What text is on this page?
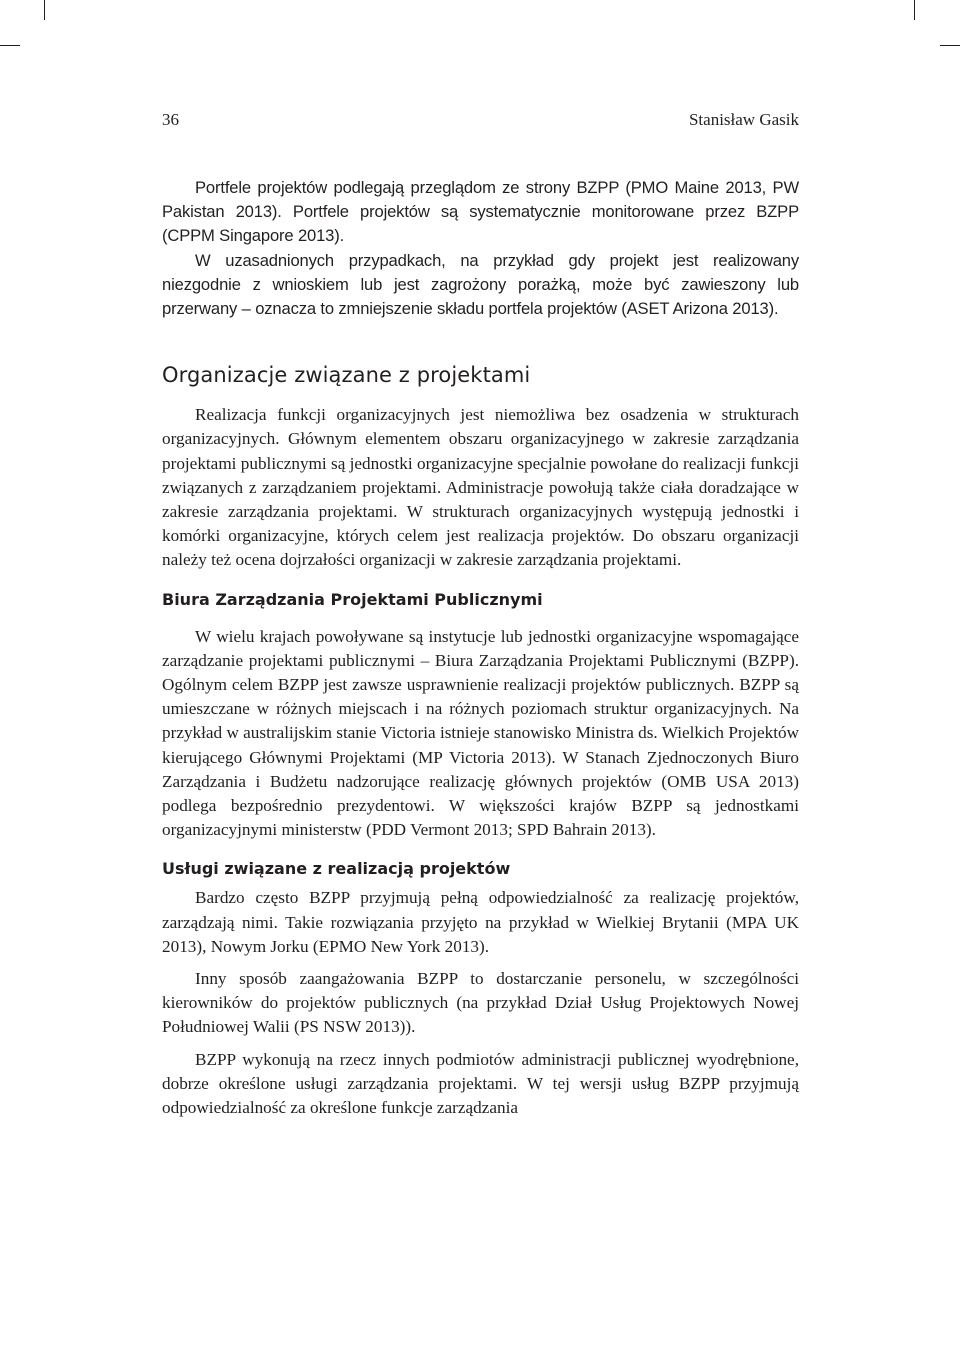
36	Stanisław Gasik

Portfele projektów podlegają przeglądom ze strony BZPP (PMO Maine 2013, PW Pakistan 2013). Portfele projektów są systematycznie monitorowane przez BZPP (CPPM Singapore 2013).

W uzasadnionych przypadkach, na przykład gdy projekt jest realizowany niezgodnie z wnioskiem lub jest zagrożony porażką, może być zawieszony lub przerwany – oznacza to zmniejszenie składu portfela projektów (ASET Arizona 2013).

Organizacje związane z projektami

Realizacja funkcji organizacyjnych jest niemożliwa bez osadzenia w strukturach organizacyjnych. Głównym elementem obszaru organizacyjnego w zakresie zarządzania projektami publicznymi są jednostki organizacyjne specjalnie powołane do realizacji funkcji związanych z zarządzaniem projektami. Administracje powołują także ciała doradzające w zakresie zarządzania projektami. W strukturach organizacyjnych występują jednostki i komórki organizacyjne, których celem jest realizacja projektów. Do obszaru organizacji należy też ocena dojrzałości organizacji w zakresie zarządzania projektami.

Biura Zarządzania Projektami Publicznymi

W wielu krajach powoływane są instytucje lub jednostki organizacyjne wspomagające zarządzanie projektami publicznymi – Biura Zarządzania Projektami Publicznymi (BZPP). Ogólnym celem BZPP jest zawsze usprawnienie realizacji projektów publicznych. BZPP są umieszczane w różnych miejscach i na różnych poziomach struktur organizacyjnych. Na przykład w australijskim stanie Victoria istnieje stanowisko Ministra ds. Wielkich Projektów kierującego Głównymi Projektami (MP Victoria 2013). W Stanach Zjednoczonych Biuro Zarządzania i Budżetu nadzorujące realizację głównych projektów (OMB USA 2013) podlega bezpośrednio prezydentowi. W większości krajów BZPP są jednostkami organizacyjnymi ministerstw (PDD Vermont 2013; SPD Bahrain 2013).

Usługi związane z realizacją projektów

Bardzo często BZPP przyjmują pełną odpowiedzialność za realizację projektów, zarządzają nimi. Takie rozwiązania przyjęto na przykład w Wielkiej Brytanii (MPA UK 2013), Nowym Jorku (EPMO New York 2013).

Inny sposób zaangażowania BZPP to dostarczanie personelu, w szczególności kierowników do projektów publicznych (na przykład Dział Usług Projektowych Nowej Południowej Walii (PS NSW 2013)).

BZPP wykonują na rzecz innych podmiotów administracji publicznej wyodrębnione, dobrze określone usługi zarządzania projektami. W tej wersji usług BZPP przyjmują odpowiedzialność za określone funkcje zarządzania
